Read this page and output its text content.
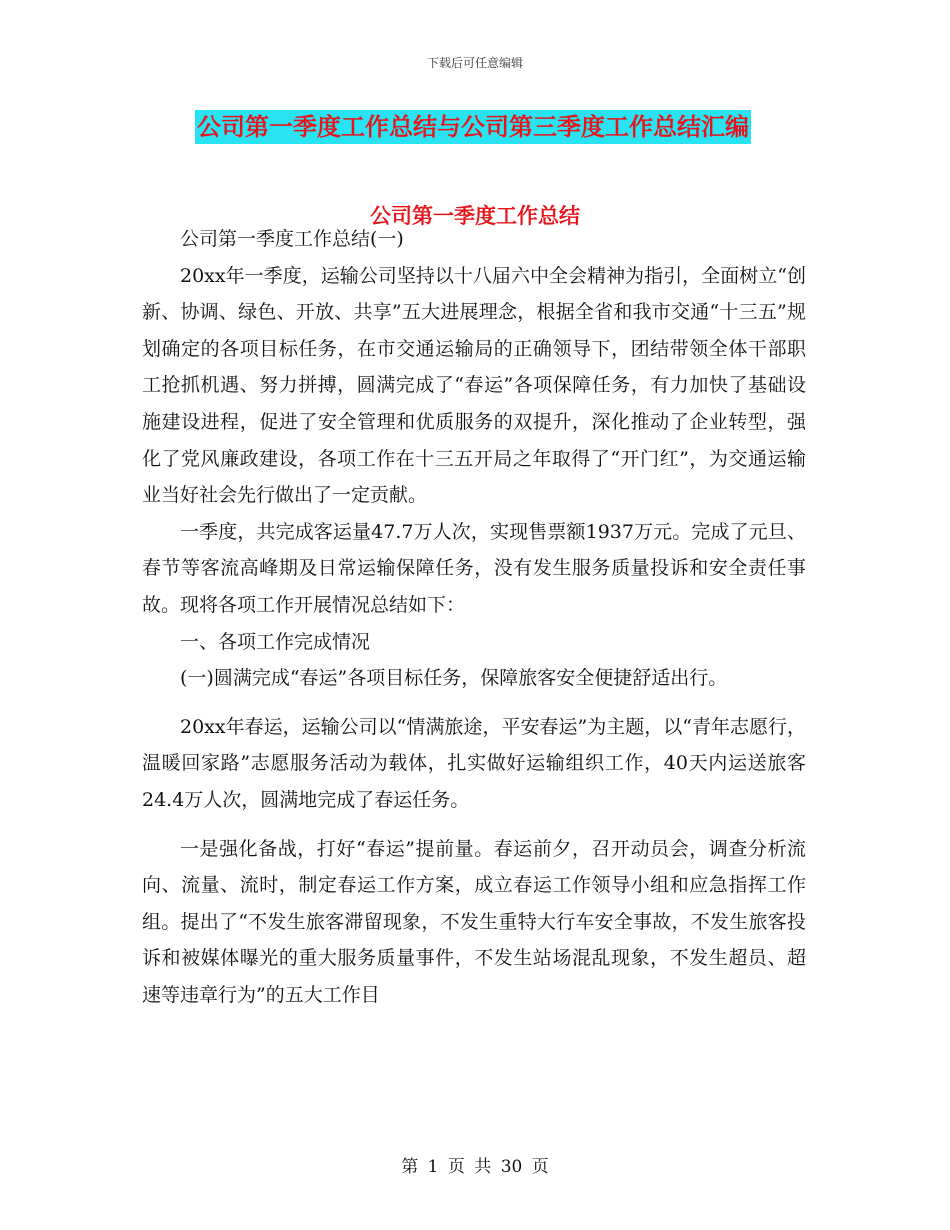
下载后可任意编辑
公司第一季度工作总结与公司第三季度工作总结汇编
公司第一季度工作总结

公司第一季度工作总结(一)

20xx年一季度，运输公司坚持以十八届六中全会精神为指引，全面树立“创新、协调、绿色、开放、共享”五大进展理念，根据全省和我市交通“十三五”规划确定的各项目标任务，在市交通运输局的正确领导下，团结带领全体干部职工抢抓机遇、努力拼搏，圆满完成了“春运”各项保障任务，有力加快了基础设施建设进程，促进了安全管理和优质服务的双提升，深化推动了企业转型，强化了党风廉政建设，各项工作在十三五开局之年取得了“开门红”，为交通运输业当好社会先行做出了一定贡献。

一季度，共完成客运量47.7万人次，实现售票额1937万元。完成了元旦、春节等客流高峰期及日常运输保障任务，没有发生服务质量投诉和安全责任事故。现将各项工作开展情况总结如下：

一、各项工作完成情况

(一)圆满完成“春运”各项目标任务，保障旅客安全便捷舒适出行。

20xx年春运，运输公司以“情满旅途，平安春运”为主题，以“青年志愿行，温暖回家路”志愿服务活动为载体，扎实做好运输组织工作，40天内运送旅客24.4万人次，圆满地完成了春运任务。

一是强化备战，打好“春运”提前量。春运前夕，召开动员会，调查分析流向、流量、流时，制定春运工作方案，成立春运工作领导小组和应急指挥工作组。提出了“不发生旅客滞留现象，不发生重特大行车安全事故，不发生旅客投诉和被媒体曝光的重大服务质量事件，不发生站场混乱现象，不发生超员、超速等违章行为”的五大工作目

第 1 页 共 30 页
